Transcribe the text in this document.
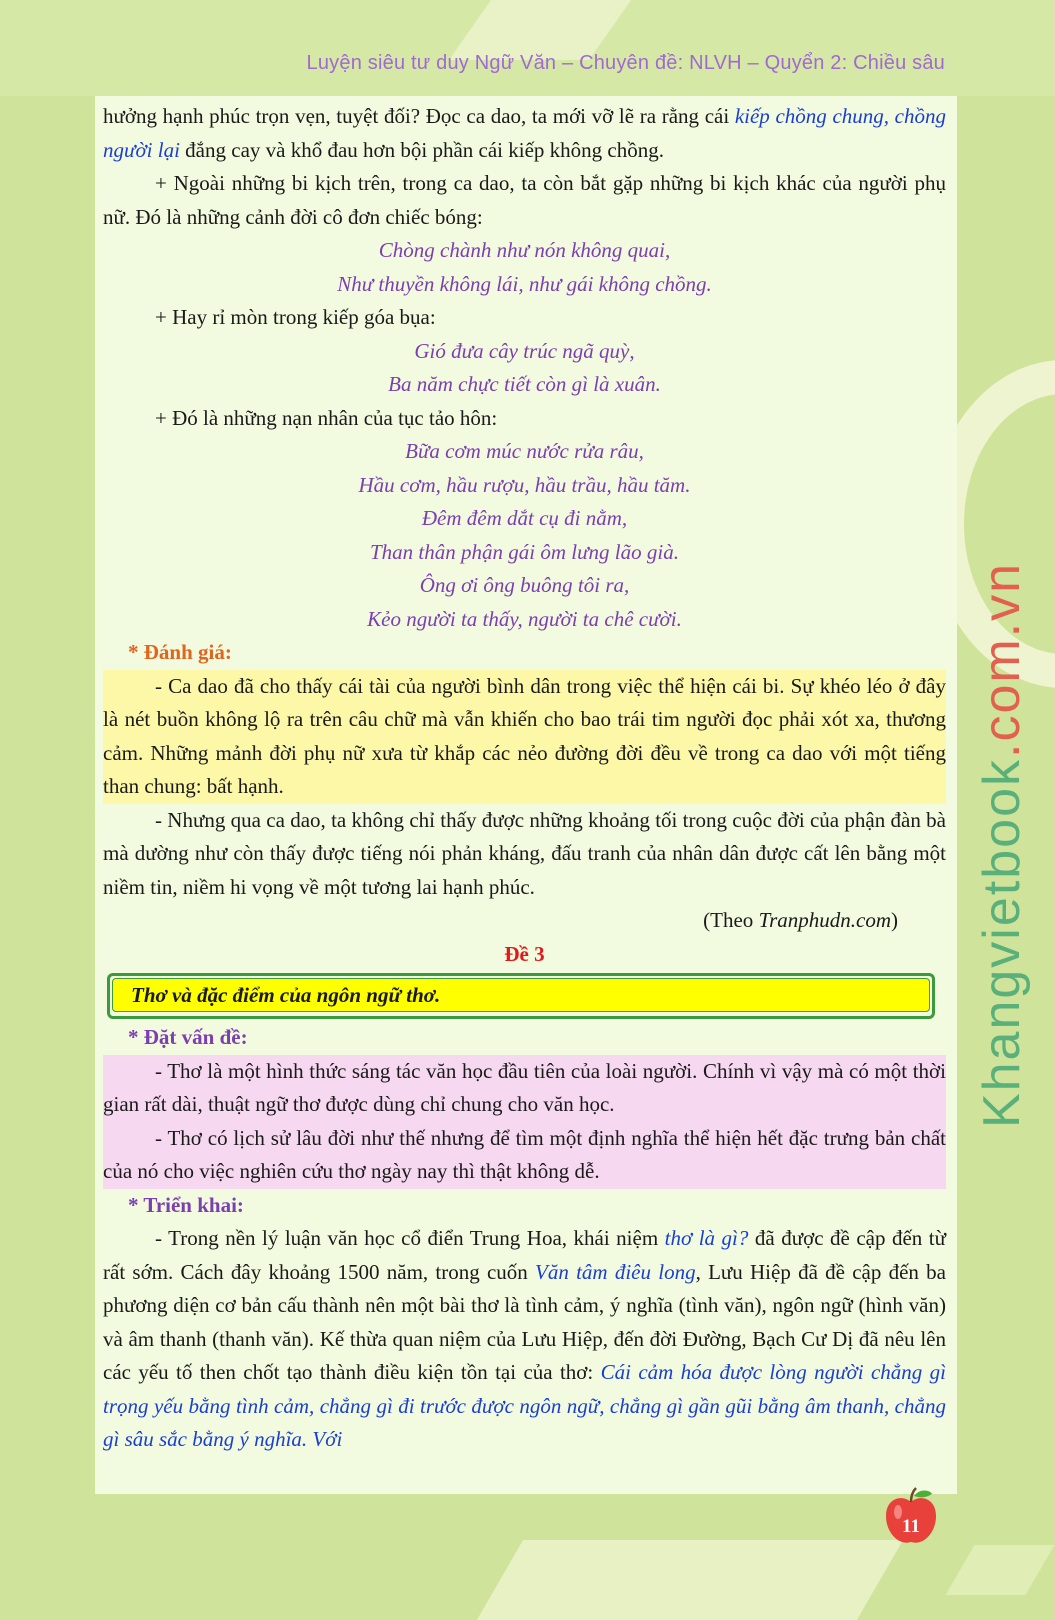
Luyện siêu tư duy Ngữ Văn – Chuyên đề: NLVH – Quyển 2: Chiều sâu

hưởng hạnh phúc trọn vẹn, tuyệt đối? Đọc ca dao, ta mới vỡ lẽ ra rằng cái kiếp chồng chung, chồng người lại đắng cay và khổ đau hơn bội phần cái kiếp không chồng.

+ Ngoài những bi kịch trên, trong ca dao, ta còn bắt gặp những bi kịch khác của người phụ nữ. Đó là những cảnh đời cô đơn chiếc bóng:

Chòng chành như nón không quai,

Như thuyền không lái, như gái không chồng.

+ Hay rỉ mòn trong kiếp góa bụa:

Gió đưa cây trúc ngã quỳ,

Ba năm chực tiết còn gì là xuân.

+ Đó là những nạn nhân của tục tảo hôn:

Bữa cơm múc nước rửa râu,

Hầu cơm, hầu rượu, hầu trầu, hầu tăm.

Đêm đêm dắt cụ đi nằm,

Than thân phận gái ôm lưng lão già.

Ông ơi ông buông tôi ra,

Kẻo người ta thấy, người ta chê cười.

* Đánh giá:

- Ca dao đã cho thấy cái tài của người bình dân trong việc thể hiện cái bi. Sự khéo léo ở đây là nét buồn không lộ ra trên câu chữ mà vẫn khiến cho bao trái tim người đọc phải xót xa, thương cảm. Những mảnh đời phụ nữ xưa từ khắp các nẻo đường đời đều về trong ca dao với một tiếng than chung: bất hạnh.

- Nhưng qua ca dao, ta không chỉ thấy được những khoảng tối trong cuộc đời của phận đàn bà mà dường như còn thấy được tiếng nói phản kháng, đấu tranh của nhân dân được cất lên bằng một niềm tin, niềm hi vọng về một tương lai hạnh phúc.

(Theo Tranphudn.com)

Đề 3

Thơ và đặc điểm của ngôn ngữ thơ.

* Đặt vấn đề:

- Thơ là một hình thức sáng tác văn học đầu tiên của loài người. Chính vì vậy mà có một thời gian rất dài, thuật ngữ thơ được dùng chỉ chung cho văn học.

- Thơ có lịch sử lâu đời như thế nhưng để tìm một định nghĩa thể hiện hết đặc trưng bản chất của nó cho việc nghiên cứu thơ ngày nay thì thật không dễ.

* Triển khai:

- Trong nền lý luận văn học cổ điển Trung Hoa, khái niệm thơ là gì? đã được đề cập đến từ rất sớm. Cách đây khoảng 1500 năm, trong cuốn Văn tâm điêu long, Lưu Hiệp đã đề cập đến ba phương diện cơ bản cấu thành nên một bài thơ là tình cảm, ý nghĩa (tình văn), ngôn ngữ (hình văn) và âm thanh (thanh văn). Kế thừa quan niệm của Lưu Hiệp, đến đời Đường, Bạch Cư Dị đã nêu lên các yếu tố then chốt tạo thành điều kiện tồn tại của thơ: Cái cảm hóa được lòng người chẳng gì trọng yếu bằng tình cảm, chẳng gì đi trước được ngôn ngữ, chẳng gì gần gũi bằng âm thanh, chẳng gì sâu sắc bằng ý nghĩa. Với

Khangvietbook.com.vn
11
